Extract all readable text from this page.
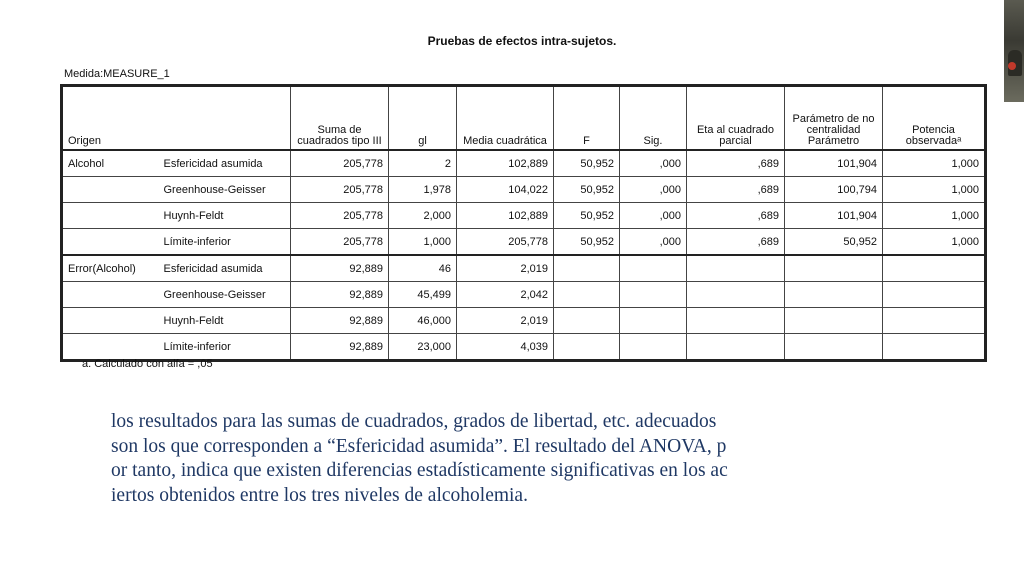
Pruebas de efectos intra-sujetos.
Medida:MEASURE_1
Origen		Suma de cuadrados tipo III	gl	Media cuadrática	F	Sig.	Eta al cuadrado parcial	Parámetro de no centralidad Parámetro	Potencia observadaᵃ
Alcohol	Esfericidad asumida	205,778	2	102,889	50,952	,000	,689	101,904	1,000
	Greenhouse-Geisser	205,778	1,978	104,022	50,952	,000	,689	100,794	1,000
	Huynh-Feldt	205,778	2,000	102,889	50,952	,000	,689	101,904	1,000
	Límite-inferior	205,778	1,000	205,778	50,952	,000	,689	50,952	1,000
Error(Alcohol)	Esfericidad asumida	92,889	46	2,019					
	Greenhouse-Geisser	92,889	45,499	2,042					
	Huynh-Feldt	92,889	46,000	2,019					
	Límite-inferior	92,889	23,000	4,039					
a. Calculado con alfa = ,05
los resultados para las sumas de cuadrados, grados de libertad, etc. adecuados
son los que corresponden a “Esfericidad asumida”. El resultado del ANOVA, p
or tanto, indica que existen diferencias estadísticamente significativas en los ac
iertos obtenidos entre los tres niveles de alcoholemia.
